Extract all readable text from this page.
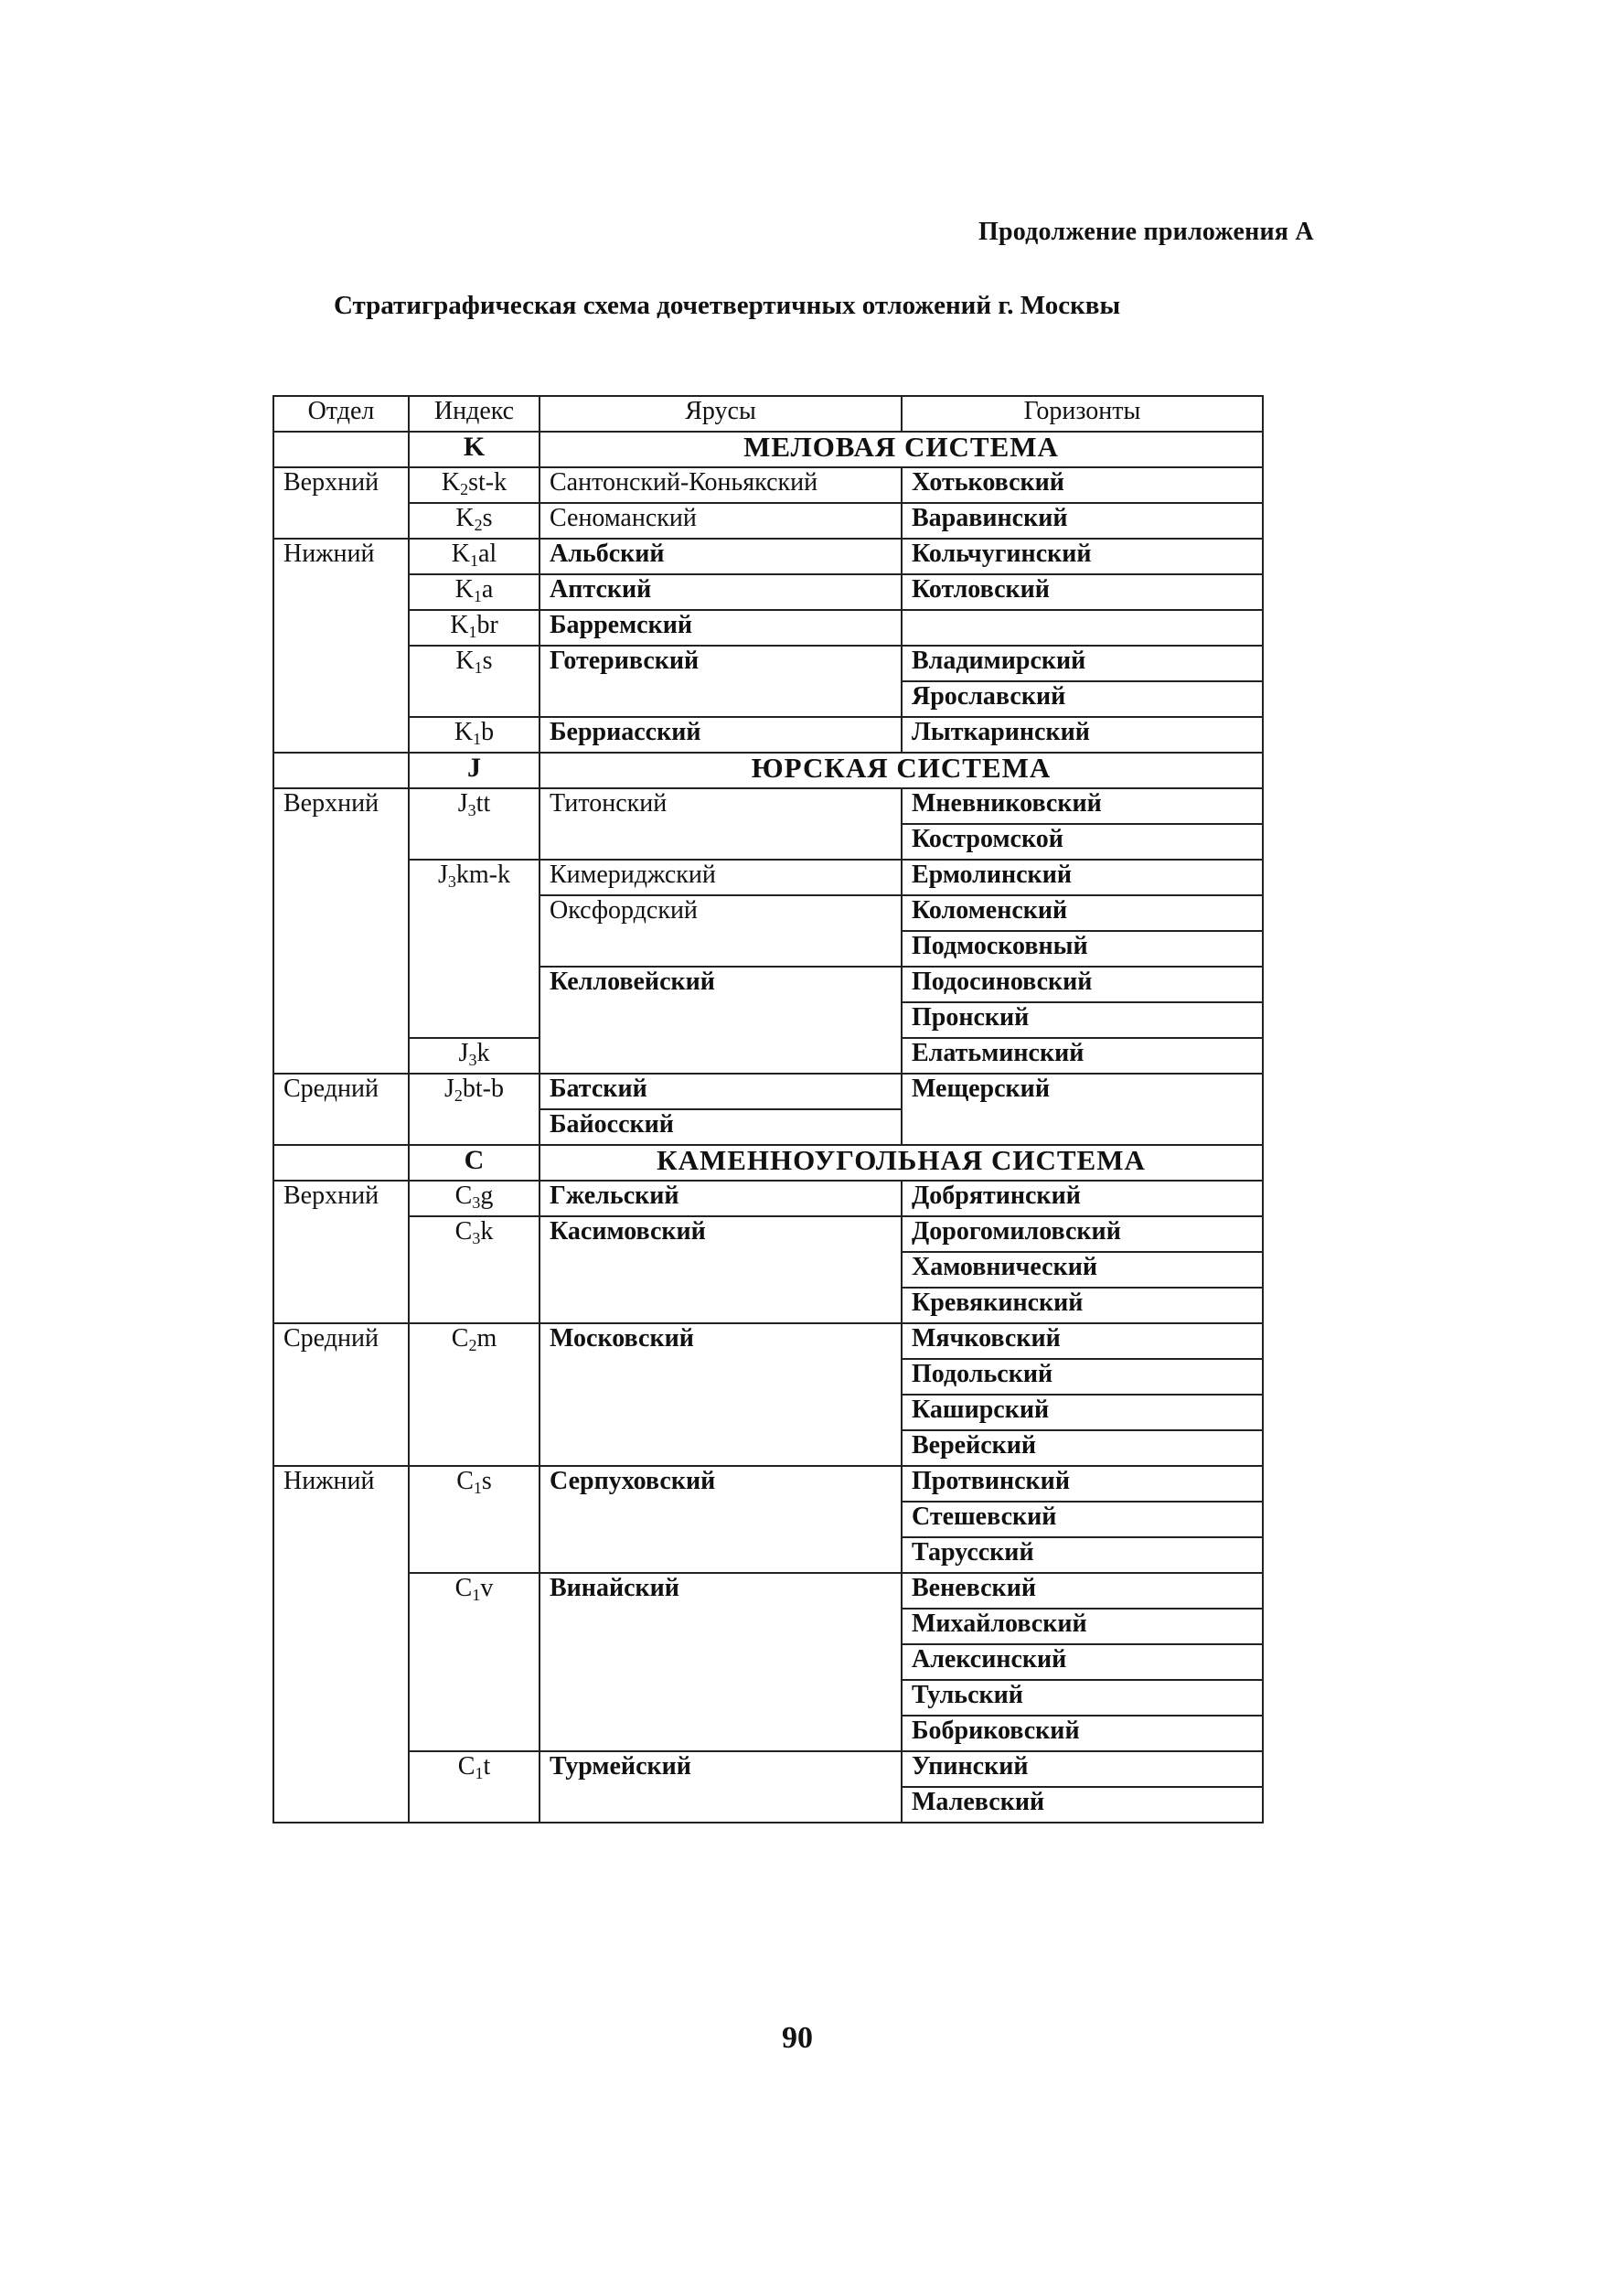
Продолжение приложения А
Стратиграфическая схема дочетвертичных отложений г. Москвы
Отдел	Индекс	Ярусы	Горизонты
	K	МЕЛОВАЯ СИСТЕМА	
Верхний	$K_2st-k$	Сантонский-Коньякский	Хотьковский
	$K_2s$	Сеноманский	Варавинский
Нижний	$K_1al$	Альбский	Кольчугинский
	$K_1a$	Аптский	Котловский
	$K_1br$	Барремский	
	$K_1s$	Готеривский	Владимирский
			Ярославский
	$K_1b$	Берриасский	Лыткаринский
	J	ЮРСКАЯ СИСТЕМА	
Верхний	$J_3tt$	Титонский	Мневниковский
			Костромской
	$J_3km-k$	Кимериджский	Ермолинский
		Оксфордский	Коломенский
			Подмосковный
		Келловейский	Подосиновский
			Пронский
	$J_3k$		Елатьминский
Средний	$J_2bt-b$	Батский	Мещерский
		Байосский	
	C	КАМЕННОУГОЛЬНАЯ СИСТЕМА	
Верхний	$C_3g$	Гжельский	Добрятинский
	$C_3k$	Касимовский	Дорогомиловский
			Хамовнический
			Кревякинский
Средний	$C_2m$	Московский	Мячковский
			Подольский
			Каширский
			Верейский
Нижний	$C_1s$	Серпуховский	Протвинский
			Стешевский
			Тарусский
	$C_1v$	Винайский	Веневский
			Михайловский
			Алексинский
			Тульский
			Бобриковский
	$C_1t$	Турмейский	Упинский
			Малевский
90
